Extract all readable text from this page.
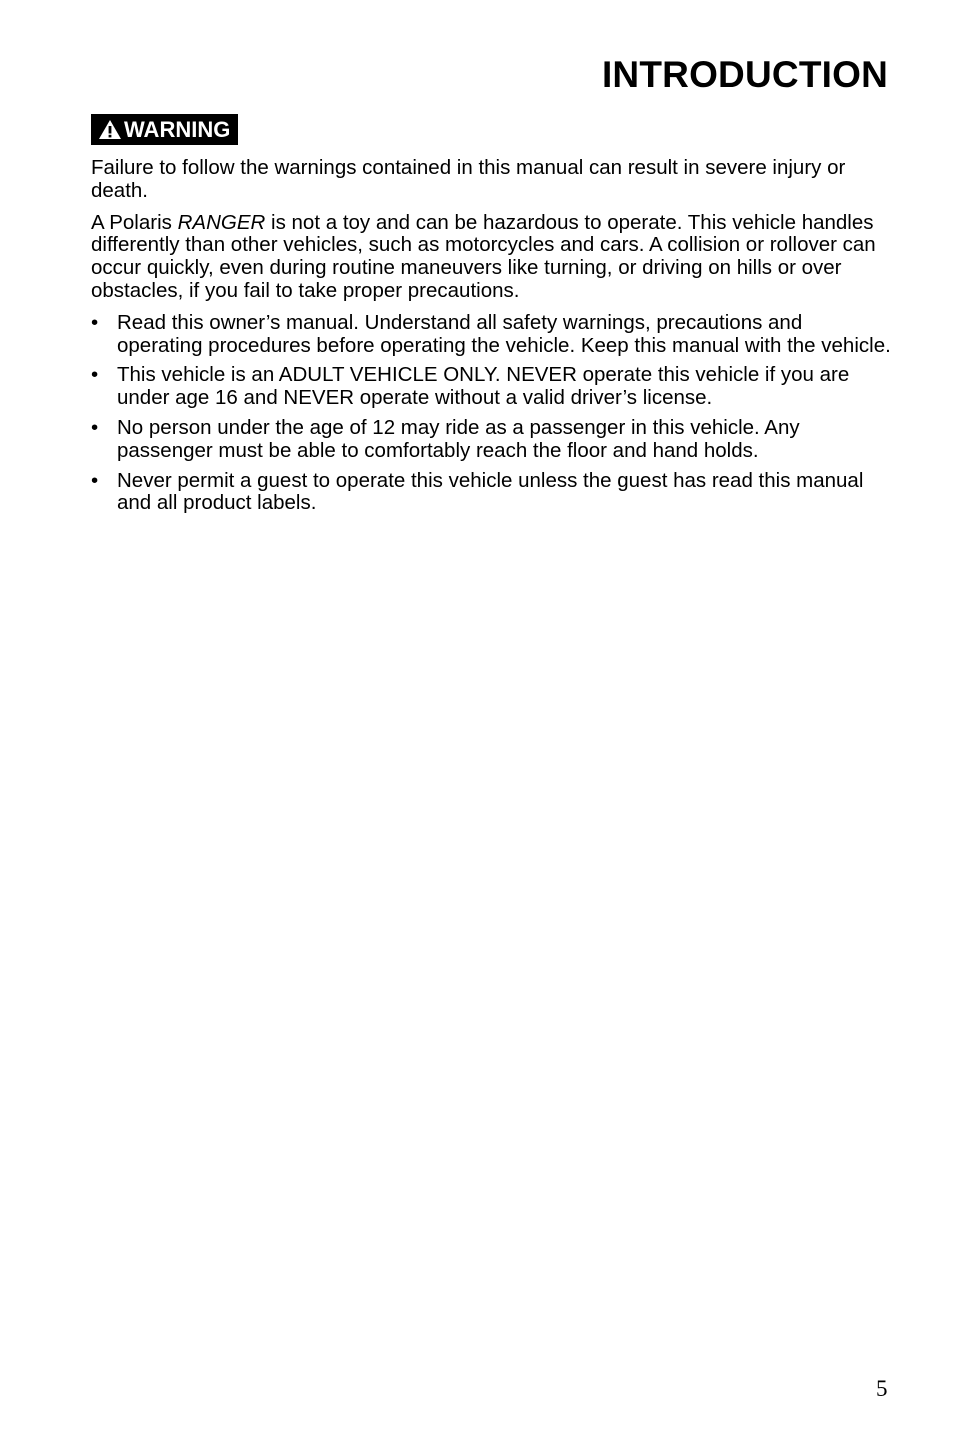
INTRODUCTION
WARNING

Failure to follow the warnings contained in this manual can result in severe injury or death.

A Polaris RANGER is not a toy and can be hazardous to operate. This vehicle handles differently than other vehicles, such as motorcycles and cars. A collision or rollover can occur quickly, even during routine maneuvers like turning, or driving on hills or over obstacles, if you fail to take proper precautions.

• Read this owner’s manual. Understand all safety warnings, precautions and operating procedures before operating the vehicle. Keep this manual with the vehicle.
• This vehicle is an ADULT VEHICLE ONLY. NEVER operate this vehicle if you are under age 16 and NEVER operate without a valid driver’s license.
• No person under the age of 12 may ride as a passenger in this vehicle. Any passenger must be able to comfortably reach the floor and hand holds.
• Never permit a guest to operate this vehicle unless the guest has read this manual and all product labels.
5
